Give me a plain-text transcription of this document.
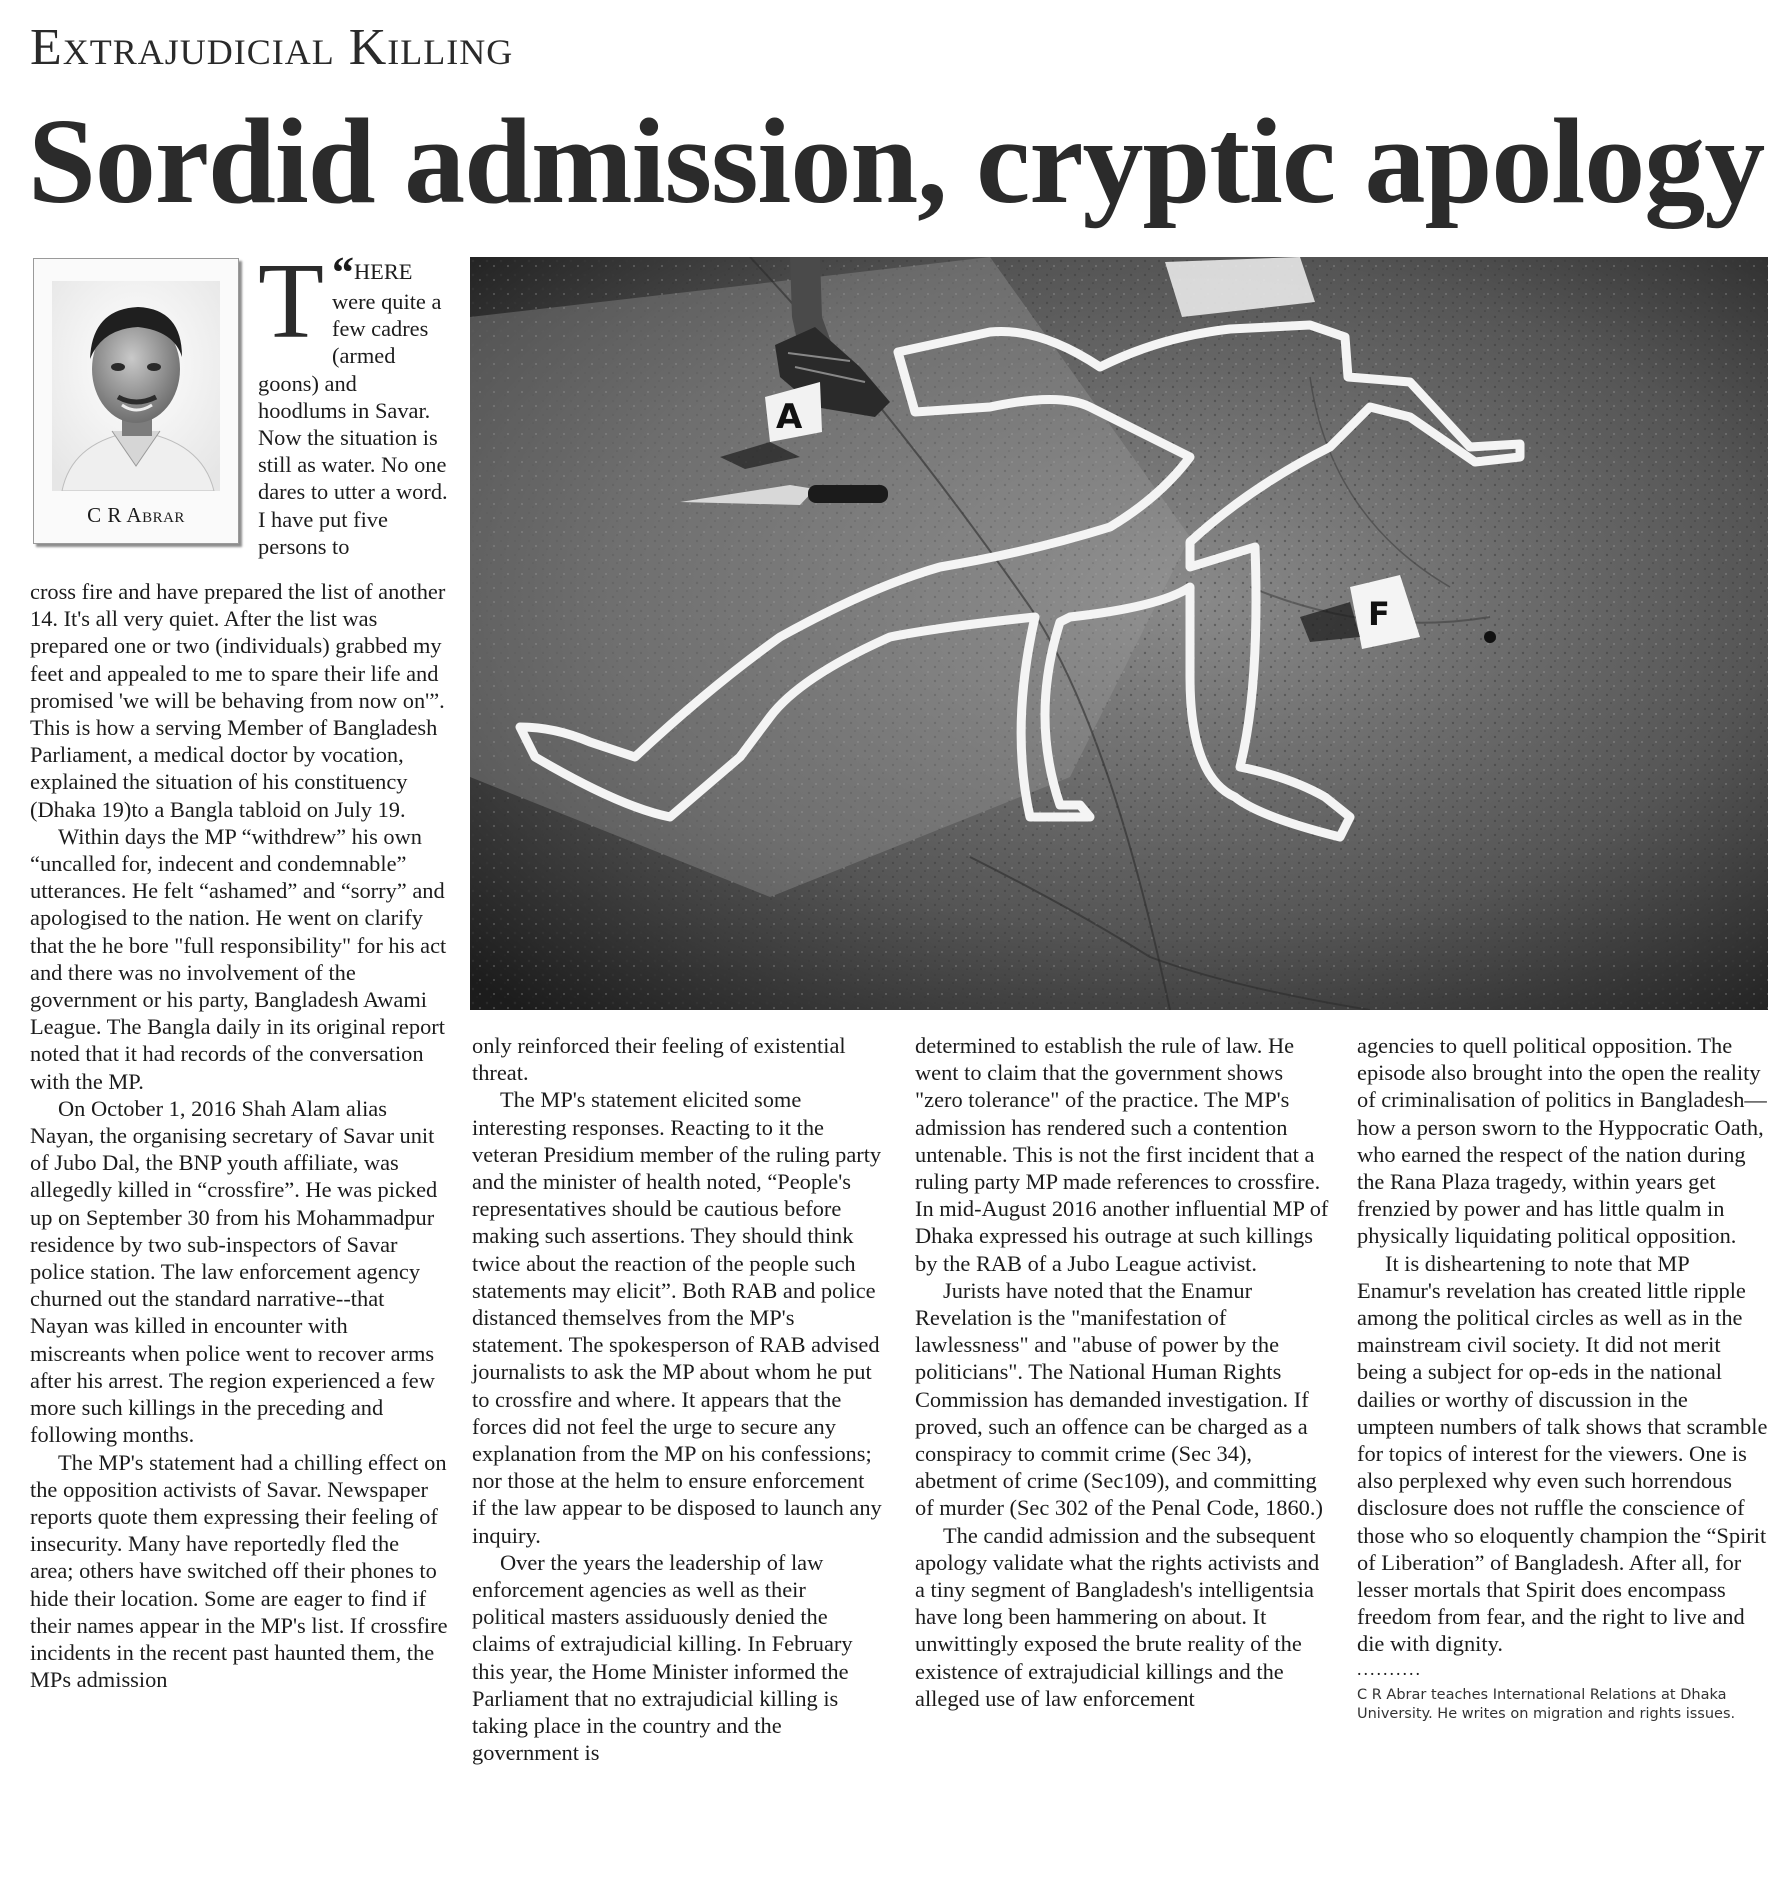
Extrajudicial Killing
Sordid admission, cryptic apology
C R Abrar
A
F
“
T HERE were quite a few cadres (armed goons) and hoodlums in Savar. Now the situation is still as water. No one dares to utter a word. I have put five persons to

cross fire and have prepared the list of another 14. It's all very quiet. After the list was prepared one or two (individuals) grabbed my feet and appealed to me to spare their life and promised 'we will be behaving from now on'”. This is how a serving Member of Bangladesh Parliament, a medical doctor by vocation, explained the situation of his constituency (Dhaka 19)to a Bangla tabloid on July 19.

Within days the MP “withdrew” his own “uncalled for, indecent and condemnable” utterances. He felt “ashamed” and “sorry” and apologised to the nation. He went on clarify that the he bore "full responsibility" for his act and there was no involvement of the government or his party, Bangladesh Awami League. The Bangla daily in its original report noted that it had records of the conversation with the MP.

On October 1, 2016 Shah Alam alias Nayan, the organising secretary of Savar unit of Jubo Dal, the BNP youth affiliate, was allegedly killed in “crossfire”. He was picked up on September 30 from his Mohammadpur residence by two sub-inspectors of Savar police station. The law enforcement agency churned out the standard narrative--that Nayan was killed in encounter with miscreants when police went to recover arms after his arrest. The region experienced a few more such killings in the preceding and following months.

The MP's statement had a chilling effect on the opposition activists of Savar. Newspaper reports quote them expressing their feeling of insecurity. Many have reportedly fled the area; others have switched off their phones to hide their location. Some are eager to find if their names appear in the MP's list. If crossfire incidents in the recent past haunted them, the MPs admission

only reinforced their feeling of existential threat.

The MP's statement elicited some interesting responses. Reacting to it the veteran Presidium member of the ruling party and the minister of health noted, “People's representatives should be cautious before making such assertions. They should think twice about the reaction of the people such statements may elicit”. Both RAB and police distanced themselves from the MP's statement. The spokesperson of RAB advised journalists to ask the MP about whom he put to crossfire and where. It appears that the forces did not feel the urge to secure any explanation from the MP on his confessions; nor those at the helm to ensure enforcement if the law appear to be disposed to launch any inquiry.

Over the years the leadership of law enforcement agencies as well as their political masters assiduously denied the claims of extrajudicial killing. In February this year, the Home Minister informed the Parliament that no extrajudicial killing is taking place in the country and the government is

determined to establish the rule of law. He went to claim that the government shows "zero tolerance" of the practice. The MP's admission has rendered such a contention untenable. This is not the first incident that a ruling party MP made references to crossfire. In mid-August 2016 another influential MP of Dhaka expressed his outrage at such killings by the RAB of a Jubo League activist.

Jurists have noted that the Enamur Revelation is the "manifestation of lawlessness" and "abuse of power by the politicians". The National Human Rights Commission has demanded investigation. If proved, such an offence can be charged as a conspiracy to commit crime (Sec 34), abetment of crime (Sec109), and committing of murder (Sec 302 of the Penal Code, 1860.)

The candid admission and the subsequent apology validate what the rights activists and a tiny segment of Bangladesh's intelligentsia have long been hammering on about. It unwittingly exposed the brute reality of the existence of extrajudicial killings and the alleged use of law enforcement

agencies to quell political opposition. The episode also brought into the open the reality of criminalisation of politics in Bangladesh—how a person sworn to the Hyppocratic Oath, who earned the respect of the nation during the Rana Plaza tragedy, within years get frenzied by power and has little qualm in physically liquidating political opposition.

It is disheartening to note that MP Enamur's revelation has created little ripple among the political circles as well as in the mainstream civil society. It did not merit being a subject for op-eds in the national dailies or worthy of discussion in the umpteen numbers of talk shows that scramble for topics of interest for the viewers. One is also perplexed why even such horrendous disclosure does not ruffle the conscience of those who so eloquently champion the “Spirit of Liberation” of Bangladesh. After all, for lesser mortals that Spirit does encompass freedom from fear, and the right to live and die with dignity.

..........
C R Abrar teaches International Relations at Dhaka University. He writes on migration and rights issues.
